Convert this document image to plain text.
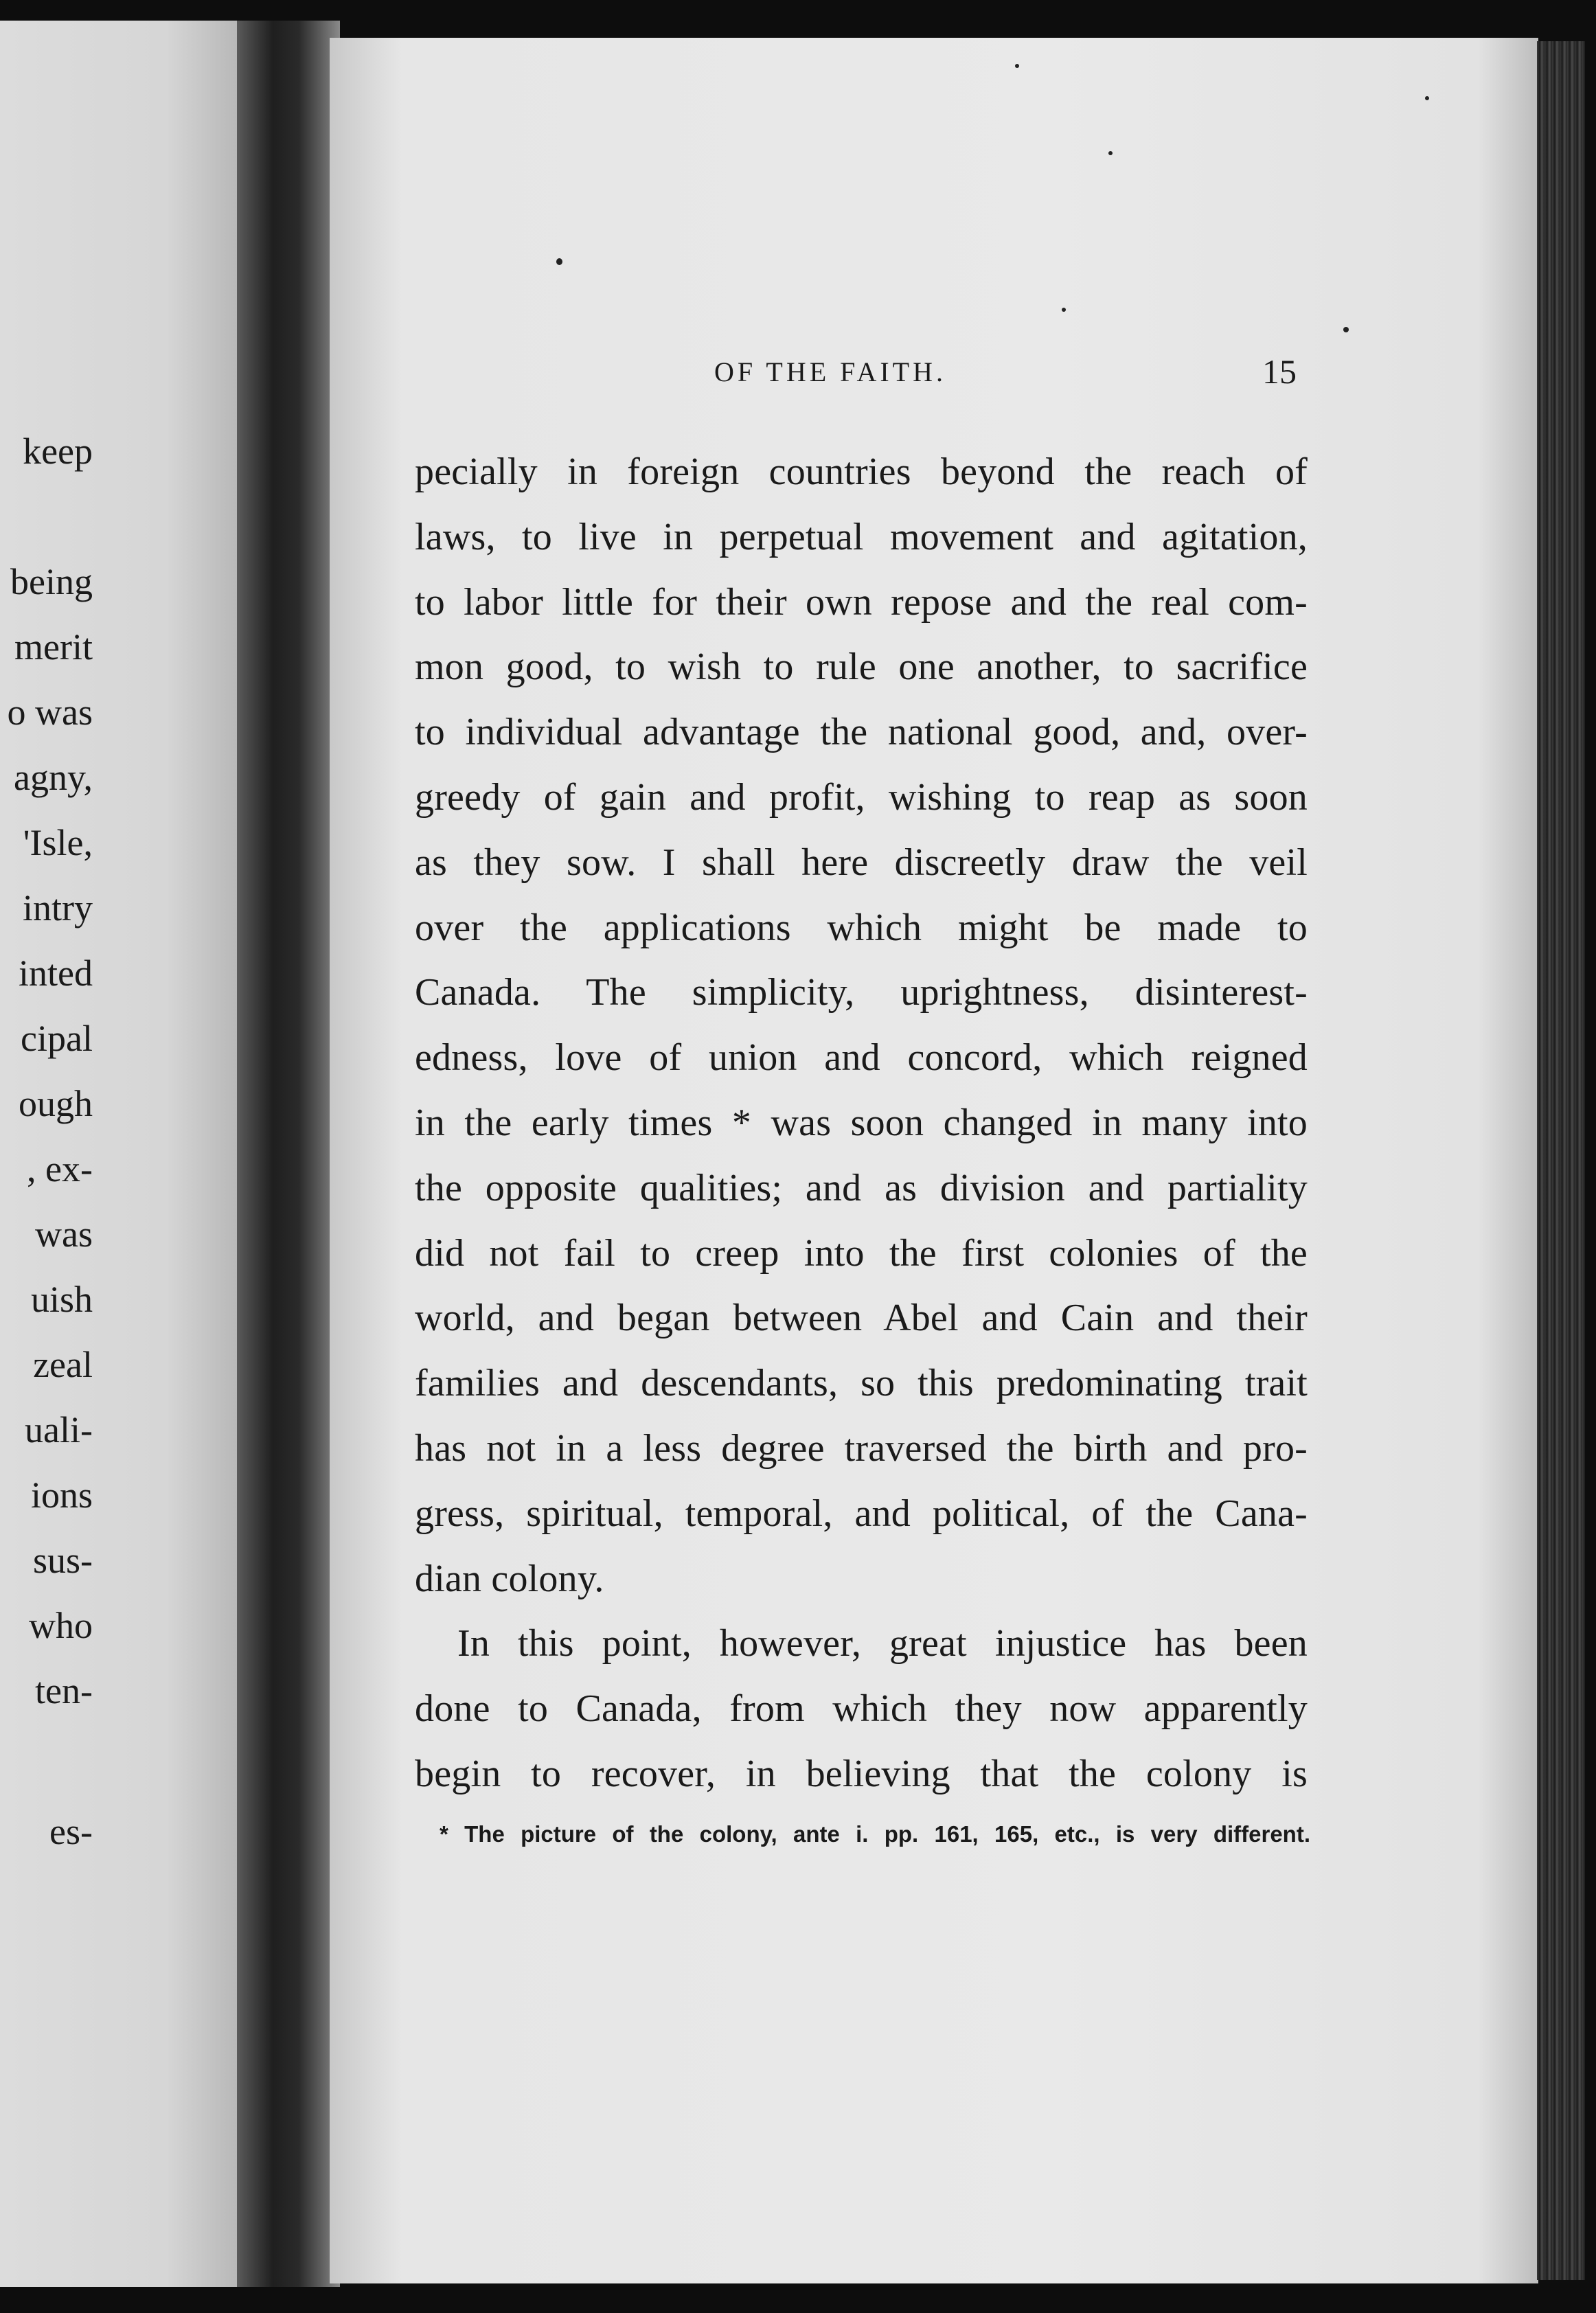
keep
being
merit
o was
agny,
'Isle,
intry
inted
cipal
ough
, ex-
was
uish
zeal
uali-
ions
sus-
who
ten-
es-
OF THE FAITH.	15
pecially in foreign countries beyond the reach of
laws, to live in perpetual movement and agitation,
to labor little for their own repose and the real com-
mon good, to wish to rule one another, to sacrifice
to individual advantage the national good, and, over-
greedy of gain and profit, wishing to reap as soon
as they sow. I shall here discreetly draw the veil
over the applications which might be made to
Canada. The simplicity, uprightness, disinterest-
edness, love of union and concord, which reigned
in the early times * was soon changed in many into
the opposite qualities; and as division and partiality
did not fail to creep into the first colonies of the
world, and began between Abel and Cain and their
families and descendants, so this predominating trait
has not in a less degree traversed the birth and pro-
gress, spiritual, temporal, and political, of the Cana-
dian colony.
In this point, however, great injustice has been
done to Canada, from which they now apparently
begin to recover, in believing that the colony is
* The picture of the colony, ante i. pp. 161, 165, etc., is very different.
